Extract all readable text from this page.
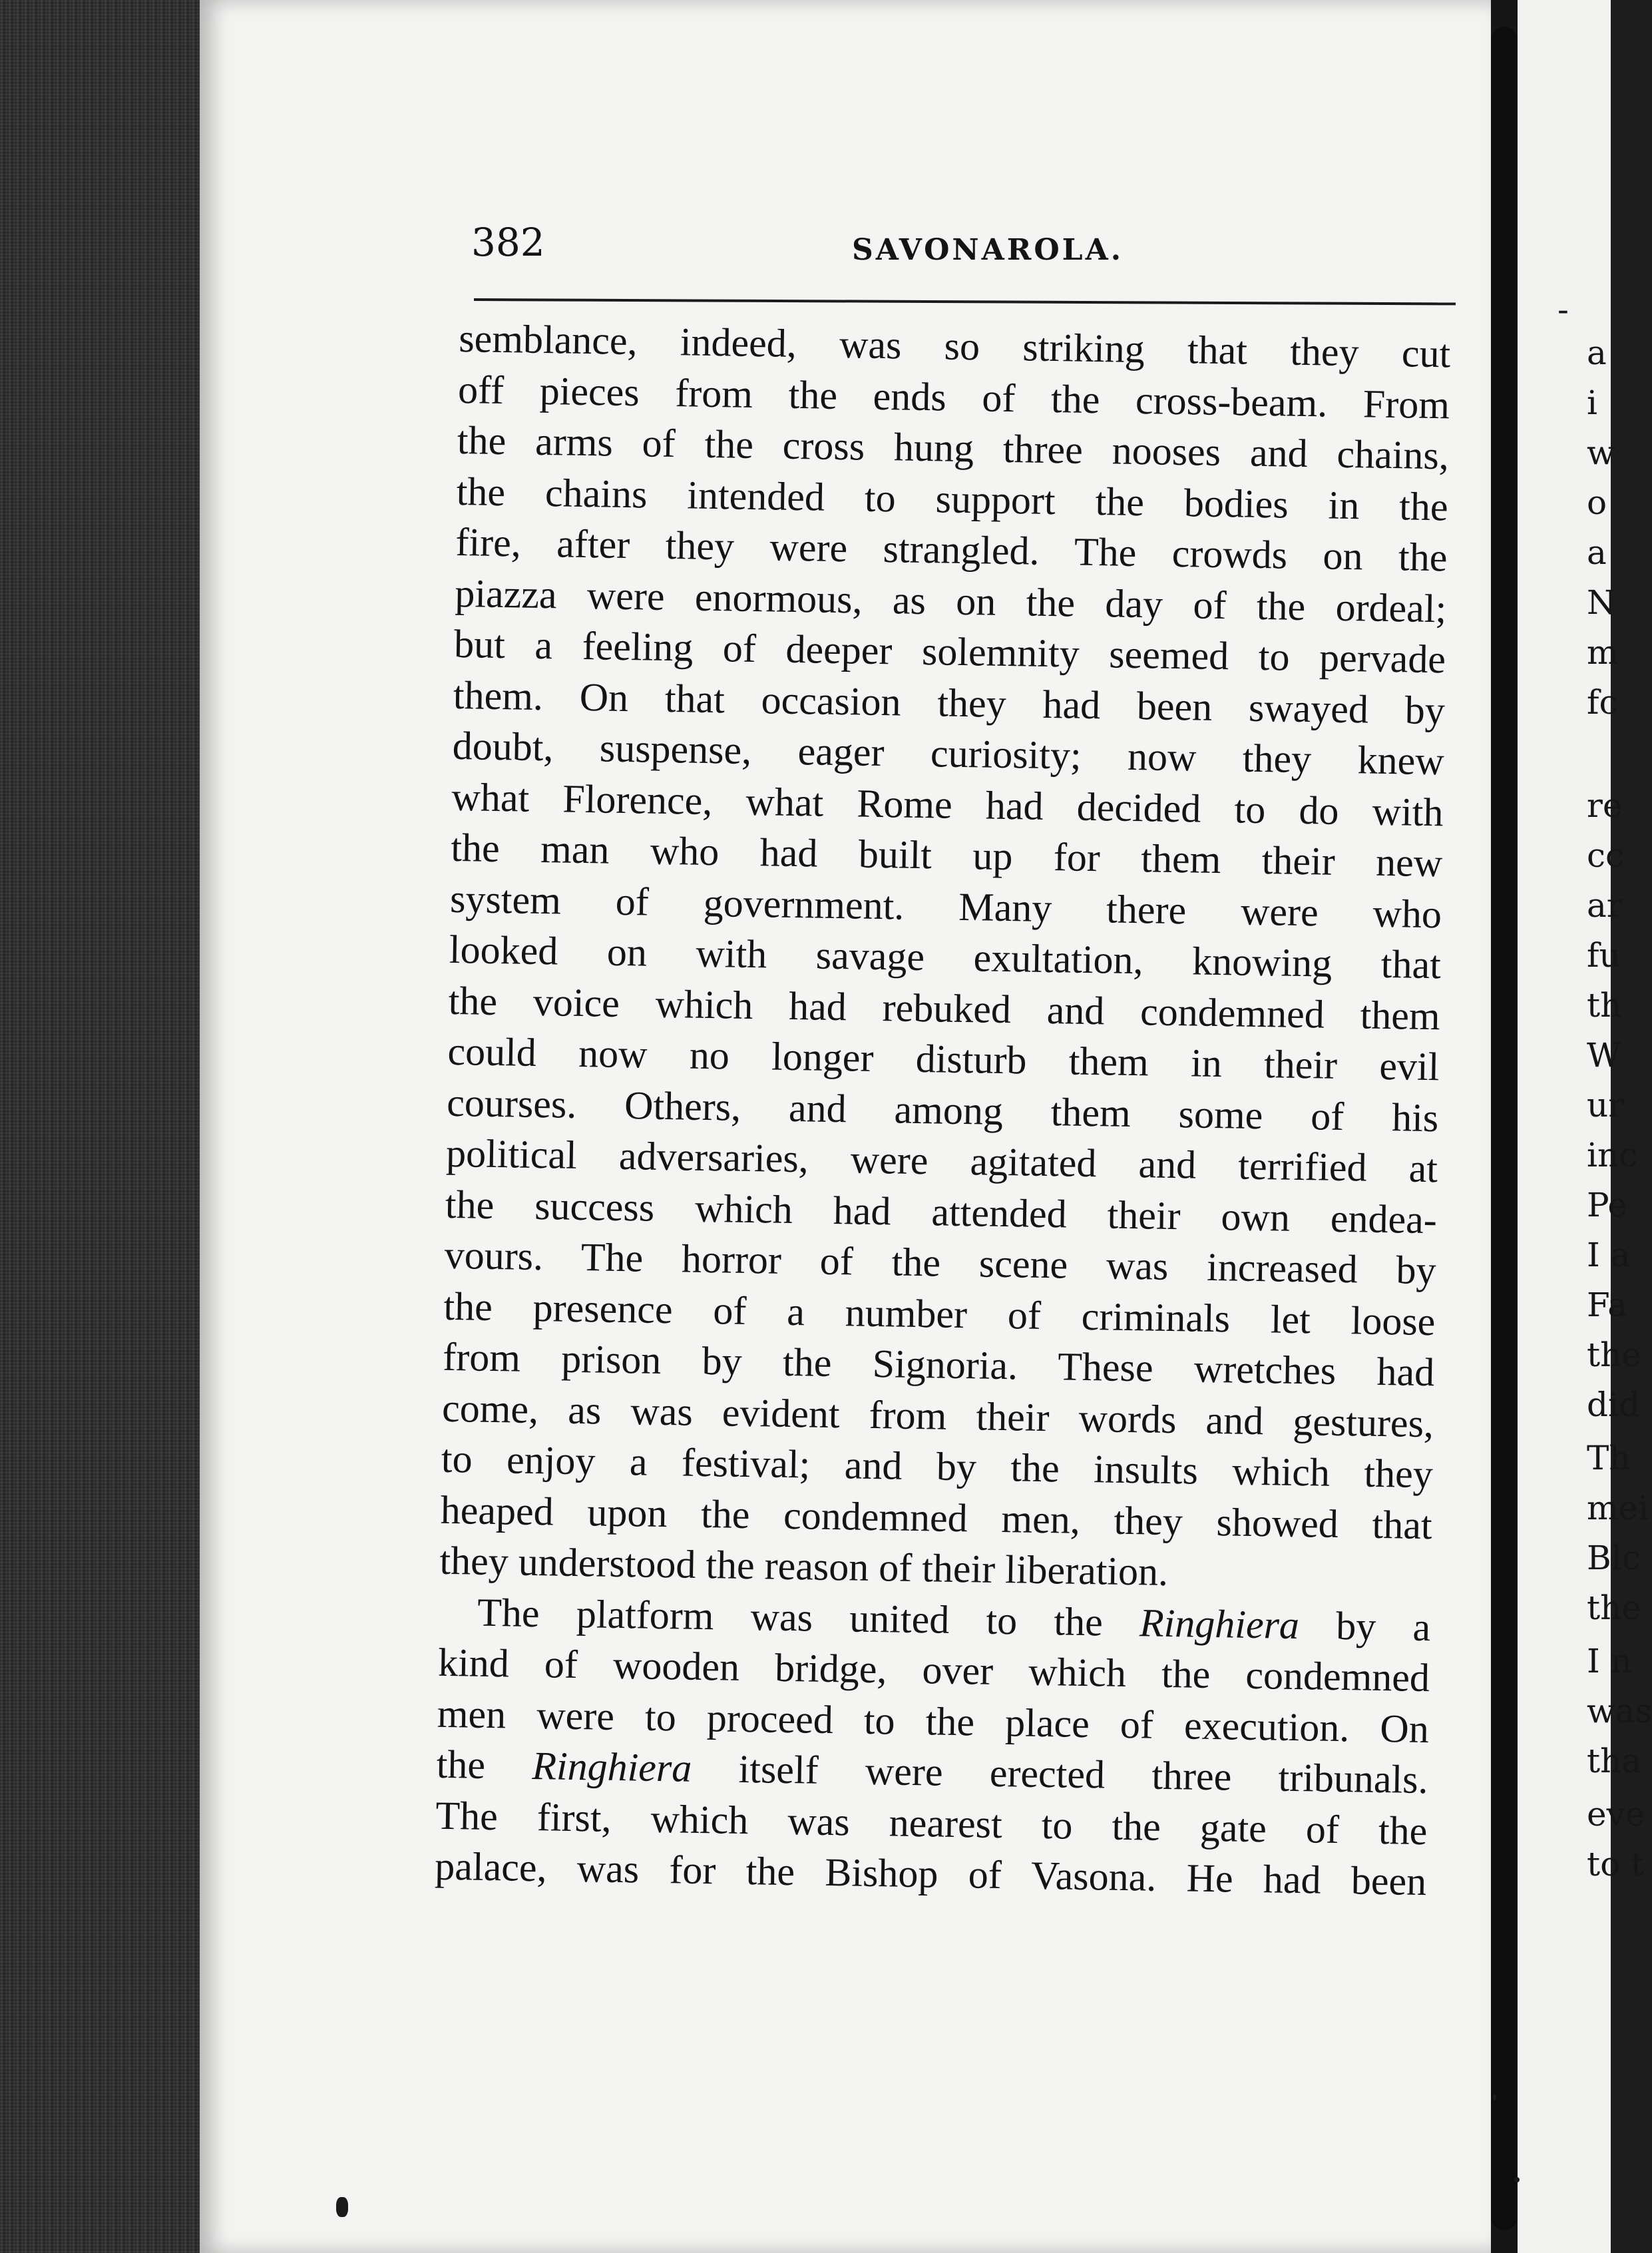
382	SAVONAROLA.
semblance, indeed, was so striking that they cut
off pieces from the ends of the cross-beam. From
the arms of the cross hung three nooses and chains,
the chains intended to support the bodies in the
fire, after they were strangled. The crowds on the
piazza were enormous, as on the day of the ordeal;
but a feeling of deeper solemnity seemed to pervade
them. On that occasion they had been swayed by
doubt, suspense, eager curiosity; now they knew
what Florence, what Rome had decided to do with
the man who had built up for them their new
system of government. Many there were who
looked on with savage exultation, knowing that
the voice which had rebuked and condemned them
could now no longer disturb them in their evil
courses. Others, and among them some of his
political adversaries, were agitated and terrified at
the success which had attended their own endea-
vours. The horror of the scene was increased by
the presence of a number of criminals let loose
from prison by the Signoria. These wretches had
come, as was evident from their words and gestures,
to enjoy a festival; and by the insults which they
heaped upon the condemned men, they showed that
they understood the reason of their liberation.
The platform was united to the Ringhiera by a
kind of wooden bridge, over which the condemned
men were to proceed to the place of execution. On
the Ringhiera itself were erected three tribunals.
The first, which was nearest to the gate of the
palace, was for the Bishop of Vasona. He had been
-
a
i
w
o
a
N
m
fc
re
cc
ar
fu
th
W
ur
inc
Pe
I a
Fa
the
did
Th
mei
Blc
the
I n
was
tha
eve
to t
